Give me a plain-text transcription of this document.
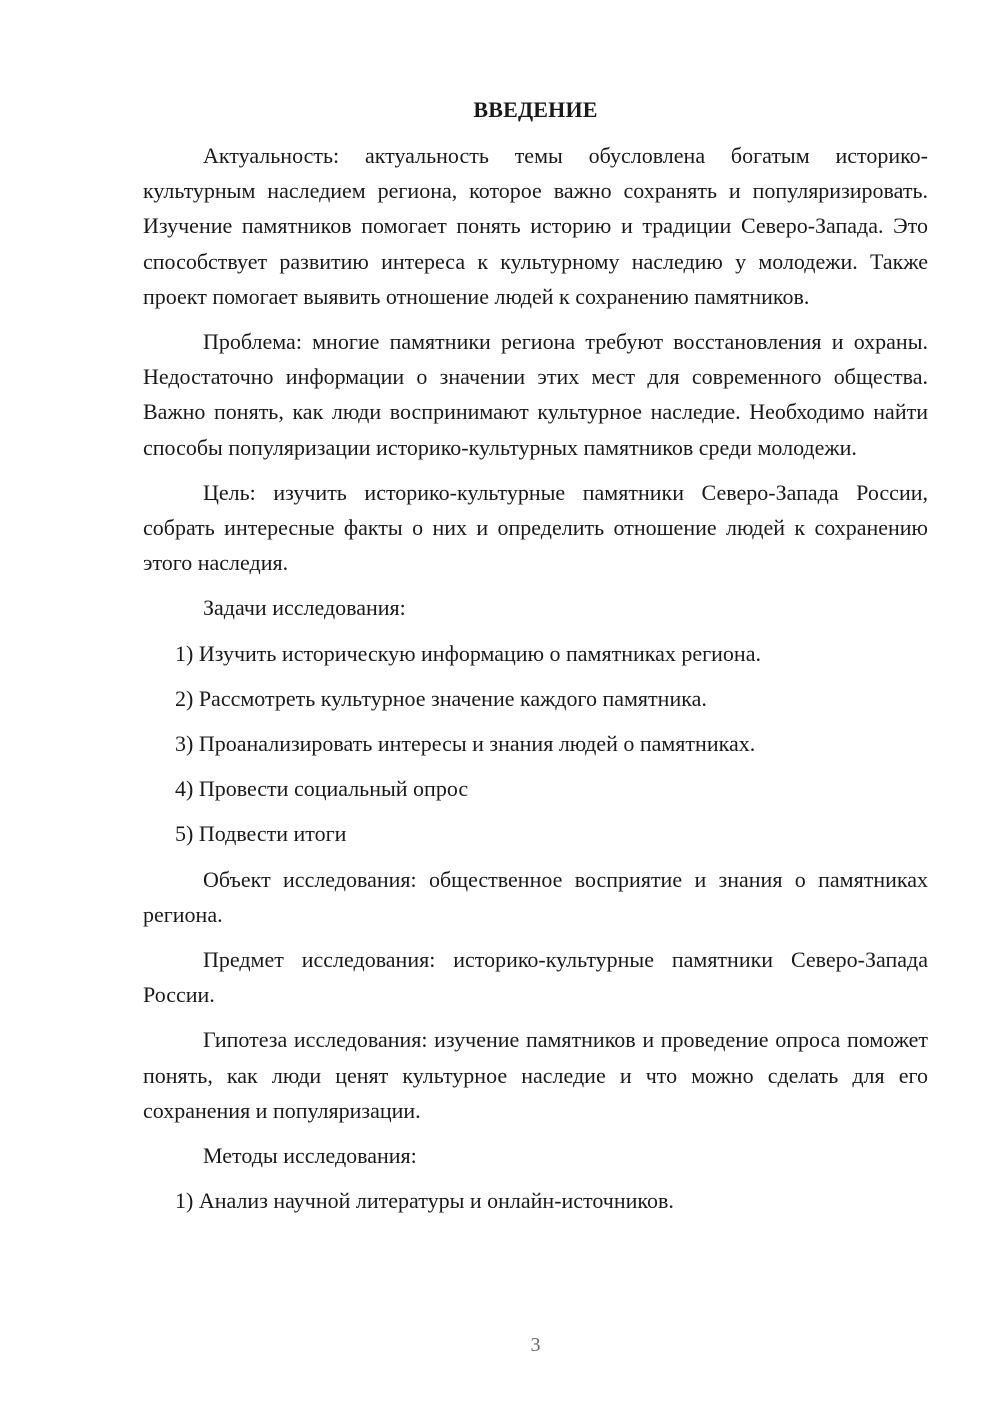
ВВЕДЕНИЕ

Актуальность: актуальность темы обусловлена богатым историко-культурным наследием региона, которое важно сохранять и популяризировать. Изучение памятников помогает понять историю и традиции Северо-Запада. Это способствует развитию интереса к культурному наследию у молодежи. Также проект помогает выявить отношение людей к сохранению памятников.

Проблема: многие памятники региона требуют восстановления и охраны. Недостаточно информации о значении этих мест для современного общества. Важно понять, как люди воспринимают культурное наследие. Необходимо найти способы популяризации историко-культурных памятников среди молодежи.

Цель: изучить историко-культурные памятники Северо-Запада России, собрать интересные факты о них и определить отношение людей к сохранению этого наследия.

Задачи исследования:
1) Изучить историческую информацию о памятниках региона.
2) Рассмотреть культурное значение каждого памятника.
3) Проанализировать интересы и знания людей о памятниках.
4) Провести социальный опрос
5) Подвести итоги

Объект исследования: общественное восприятие и знания о памятниках региона.

Предмет исследования: историко-культурные памятники Северо-Запада России.

Гипотеза исследования: изучение памятников и проведение опроса поможет понять, как люди ценят культурное наследие и что можно сделать для его сохранения и популяризации.

Методы исследования:
1) Анализ научной литературы и онлайн-источников.
3
